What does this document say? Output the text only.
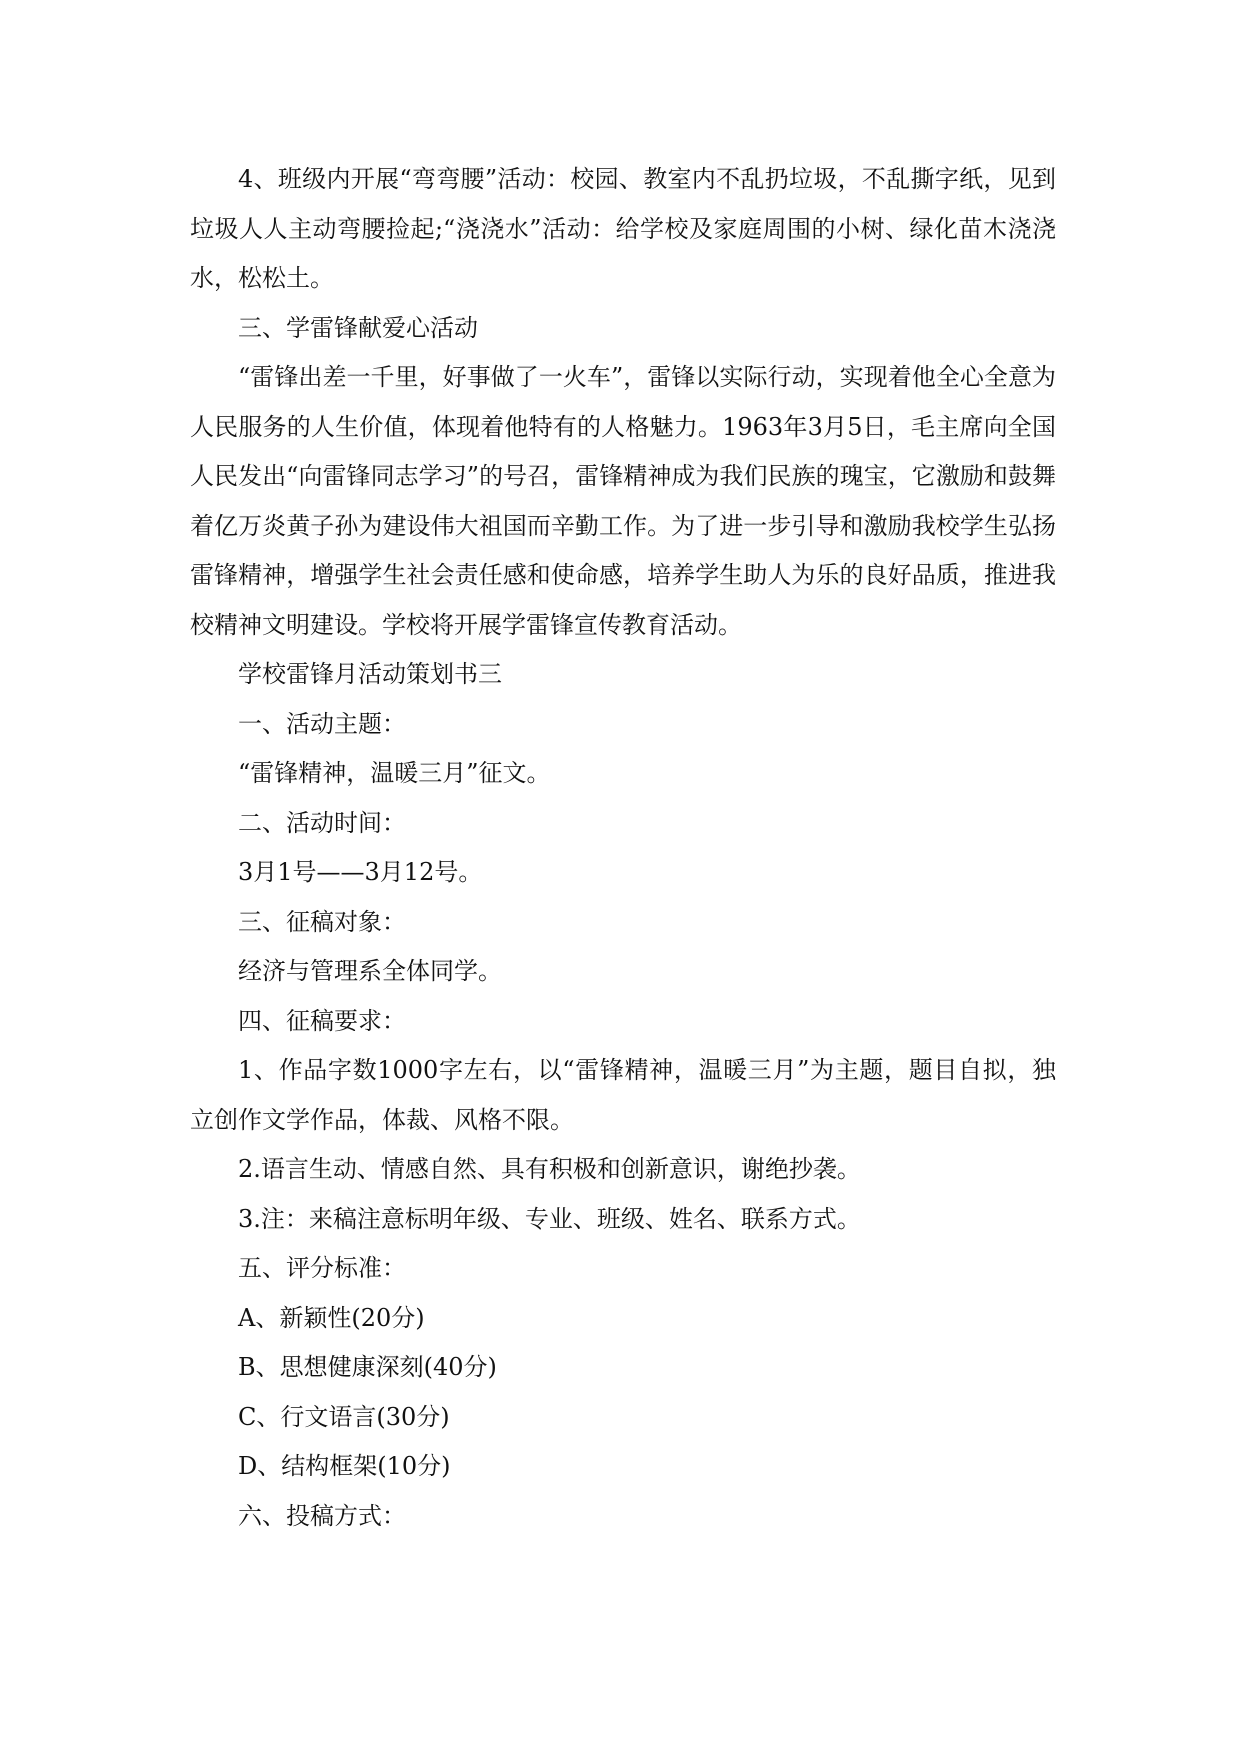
4、班级内开展“弯弯腰”活动：校园、教室内不乱扔垃圾，不乱撕字纸，见到垃圾人人主动弯腰捡起;“浇浇水”活动：给学校及家庭周围的小树、绿化苗木浇浇水，松松土。

三、学雷锋献爱心活动

“雷锋出差一千里，好事做了一火车”，雷锋以实际行动，实现着他全心全意为人民服务的人生价值，体现着他特有的人格魅力。1963年3月5日，毛主席向全国人民发出“向雷锋同志学习”的号召，雷锋精神成为我们民族的瑰宝，它激励和鼓舞着亿万炎黄子孙为建设伟大祖国而辛勤工作。为了进一步引导和激励我校学生弘扬雷锋精神，增强学生社会责任感和使命感，培养学生助人为乐的良好品质，推进我校精神文明建设。学校将开展学雷锋宣传教育活动。

学校雷锋月活动策划书三

一、活动主题：

“雷锋精神，温暖三月”征文。

二、活动时间：

3月1号——3月12号。

三、征稿对象：

经济与管理系全体同学。

四、征稿要求：

1、作品字数1000字左右，以“雷锋精神，温暖三月”为主题，题目自拟，独立创作文学作品，体裁、风格不限。

2.语言生动、情感自然、具有积极和创新意识，谢绝抄袭。

3.注：来稿注意标明年级、专业、班级、姓名、联系方式。

五、评分标准：

A、新颖性(20分)

B、思想健康深刻(40分)

C、行文语言(30分)

D、结构框架(10分)

六、投稿方式：
